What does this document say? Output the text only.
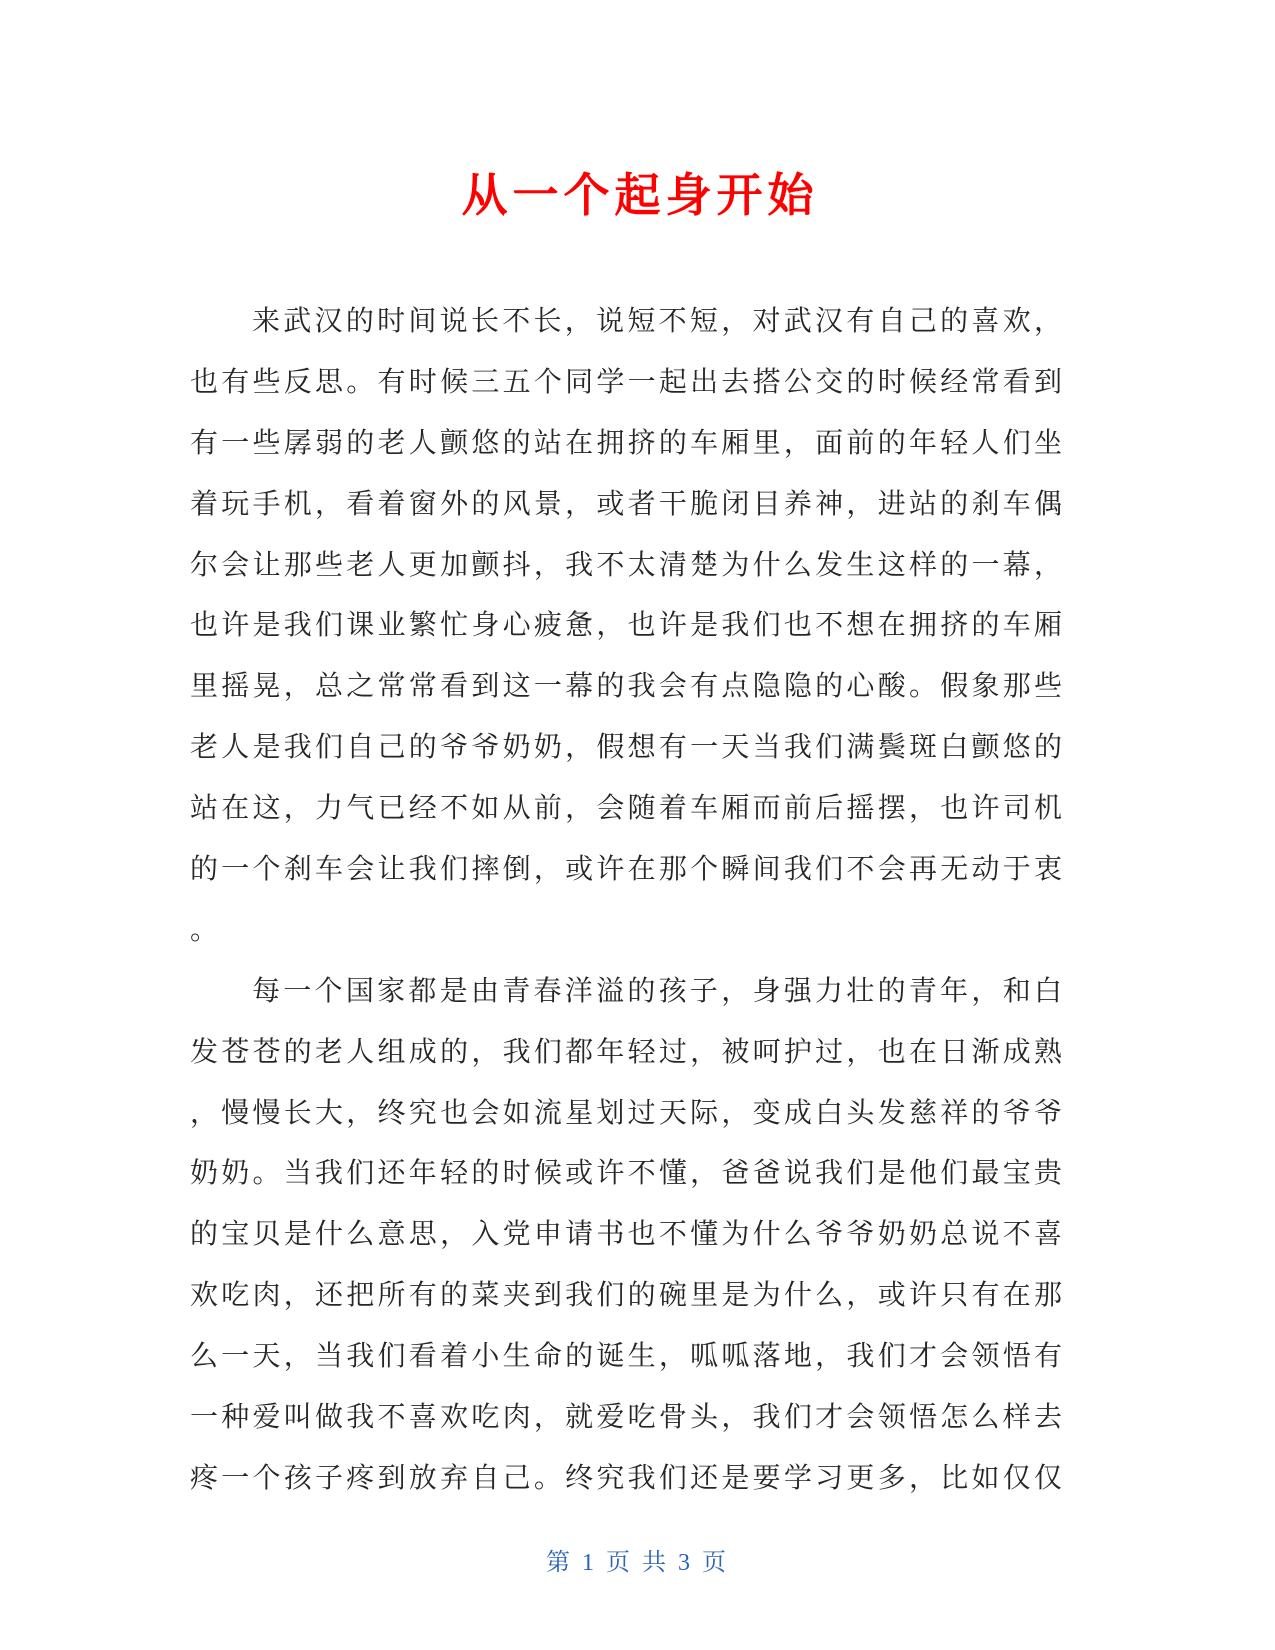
从一个起身开始
来武汉的时间说长不长，说短不短，对武汉有自己的喜欢，
也有些反思。有时候三五个同学一起出去搭公交的时候经常看到
有一些孱弱的老人颤悠的站在拥挤的车厢里，面前的年轻人们坐
着玩手机，看着窗外的风景，或者干脆闭目养神，进站的刹车偶
尔会让那些老人更加颤抖，我不太清楚为什么发生这样的一幕，
也许是我们课业繁忙身心疲惫，也许是我们也不想在拥挤的车厢
里摇晃，总之常常看到这一幕的我会有点隐隐的心酸。假象那些
老人是我们自己的爷爷奶奶，假想有一天当我们满鬓斑白颤悠的
站在这，力气已经不如从前，会随着车厢而前后摇摆，也许司机
的一个刹车会让我们摔倒，或许在那个瞬间我们不会再无动于衷
。
每一个国家都是由青春洋溢的孩子，身强力壮的青年，和白
发苍苍的老人组成的，我们都年轻过，被呵护过，也在日渐成熟
，慢慢长大，终究也会如流星划过天际，变成白头发慈祥的爷爷
奶奶。当我们还年轻的时候或许不懂，爸爸说我们是他们最宝贵
的宝贝是什么意思，入党申请书也不懂为什么爷爷奶奶总说不喜
欢吃肉，还把所有的菜夹到我们的碗里是为什么，或许只有在那
么一天，当我们看着小生命的诞生，呱呱落地，我们才会领悟有
一种爱叫做我不喜欢吃肉，就爱吃骨头，我们才会领悟怎么样去
疼一个孩子疼到放弃自己。终究我们还是要学习更多，比如仅仅
第 1 页 共 3 页
